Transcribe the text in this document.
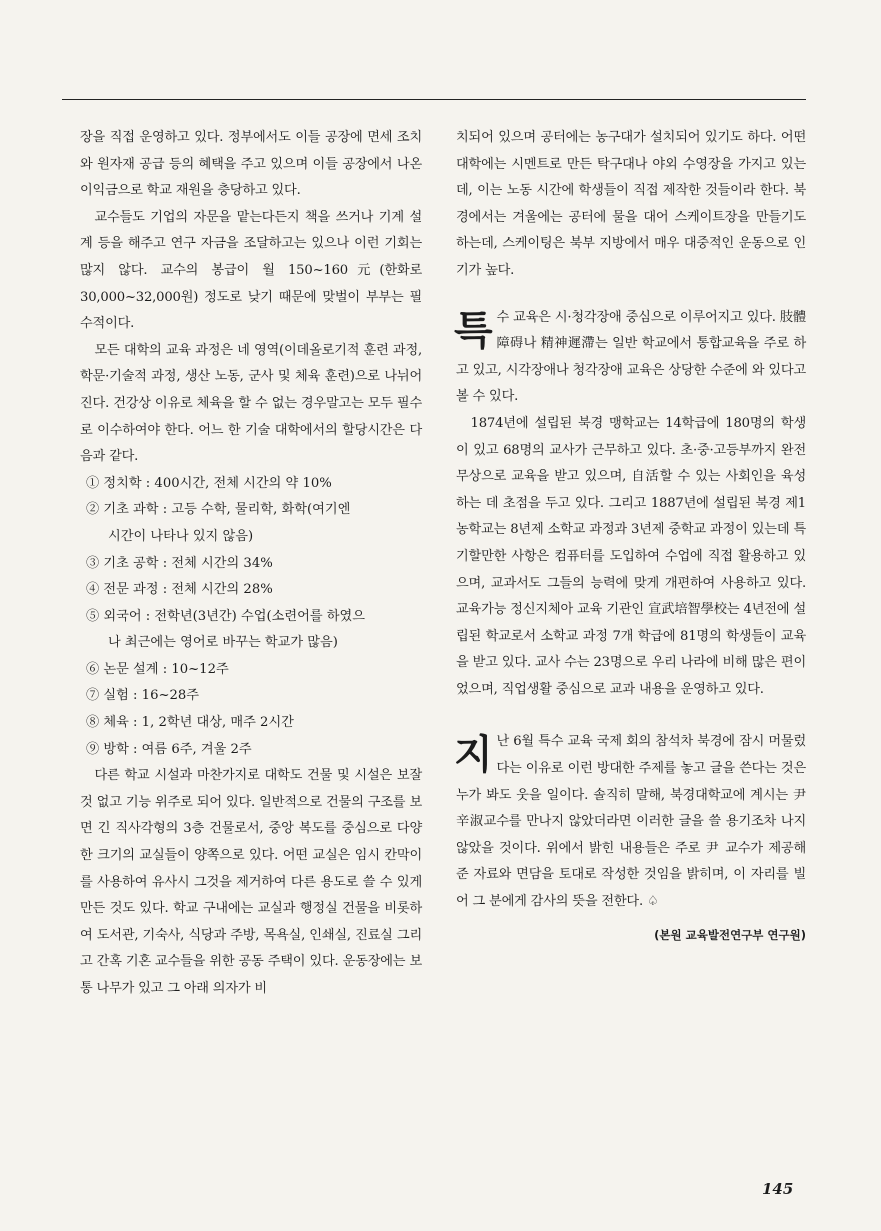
장을 직접 운영하고 있다. 정부에서도 이들 공장에 면세 조치와 원자재 공급 등의 혜택을 주고 있으며 이들 공장에서 나온 이익금으로 학교 재원을 충당하고 있다.

교수들도 기업의 자문을 맡는다든지 책을 쓰거나 기계 설계 등을 해주고 연구 자금을 조달하고는 있으나 이런 기회는 많지 않다. 교수의 봉급이 월 150~160元(한화로 30,000~32,000원) 정도로 낮기 때문에 맞벌이 부부는 필수적이다.

모든 대학의 교육 과정은 네 영역(이데올로기적 훈련 과정, 학문·기술적 과정, 생산 노동, 군사 및 체육 훈련)으로 나뉘어진다. 건강상 이유로 체육을 할 수 없는 경우말고는 모두 필수로 이수하여야 한다. 어느 한 기술 대학에서의 할당시간은 다음과 같다.

① 정치학 : 400시간, 전체 시간의 약 10%
② 기초 과학 : 고등 수학, 물리학, 화학(여기엔
시간이 나타나 있지 않음)
③ 기초 공학 : 전체 시간의 34%
④ 전문 과정 : 전체 시간의 28%
⑤ 외국어 : 전학년(3년간) 수업(소련어를 하였으
나 최근에는 영어로 바꾸는 학교가 많음)
⑥ 논문 설계 : 10~12주
⑦ 실험 : 16~28주
⑧ 체육 : 1, 2학년 대상, 매주 2시간
⑨ 방학 : 여름 6주, 겨울 2주

다른 학교 시설과 마찬가지로 대학도 건물 및 시설은 보잘것 없고 기능 위주로 되어 있다. 일반적으로 건물의 구조를 보면 긴 직사각형의 3층 건물로서, 중앙 복도를 중심으로 다양한 크기의 교실들이 양쪽으로 있다. 어떤 교실은 임시 칸막이를 사용하여 유사시 그것을 제거하여 다른 용도로 쓸 수 있게 만든 것도 있다. 학교 구내에는 교실과 행정실 건물을 비롯하여 도서관, 기숙사, 식당과 주방, 목욕실, 인쇄실, 진료실 그리고 간혹 기혼 교수들을 위한 공동 주택이 있다. 운동장에는 보통 나무가 있고 그 아래 의자가 비

치되어 있으며 공터에는 농구대가 설치되어 있기도 하다. 어떤 대학에는 시멘트로 만든 탁구대나 야외 수영장을 가지고 있는데, 이는 노동 시간에 학생들이 직접 제작한 것들이라 한다. 북경에서는 겨울에는 공터에 물을 대어 스케이트장을 만들기도 하는데, 스케이팅은 북부 지방에서 매우 대중적인 운동으로 인기가 높다.

특수 교육은 시·청각장애 중심으로 이루어지고 있다. 肢體障碍나 精神遲滯는 일반 학교에서 통합교육을 주로 하고 있고, 시각장애나 청각장애 교육은 상당한 수준에 와 있다고 볼 수 있다.

1874년에 설립된 북경 맹학교는 14학급에 180명의 학생이 있고 68명의 교사가 근무하고 있다. 초·중·고등부까지 완전 무상으로 교육을 받고 있으며, 自活할 수 있는 사회인을 육성하는 데 초점을 두고 있다. 그리고 1887년에 설립된 북경 제1농학교는 8년제 소학교 과정과 3년제 중학교 과정이 있는데 특기할만한 사항은 컴퓨터를 도입하여 수업에 직접 활용하고 있으며, 교과서도 그들의 능력에 맞게 개편하여 사용하고 있다. 교육가능 정신지체아 교육 기관인 宣武培智學校는 4년전에 설립된 학교로서 소학교 과정 7개 학급에 81명의 학생들이 교육을 받고 있다. 교사 수는 23명으로 우리 나라에 비해 많은 편이었으며, 직업생활 중심으로 교과 내용을 운영하고 있다.

지난 6월 특수 교육 국제 회의 참석차 북경에 잠시 머물렀다는 이유로 이런 방대한 주제를 놓고 글을 쓴다는 것은 누가 봐도 웃을 일이다. 솔직히 말해, 북경대학교에 계시는 尹辛淑교수를 만나지 않았더라면 이러한 글을 쓸 용기조차 나지 않았을 것이다. 위에서 밝힌 내용들은 주로 尹 교수가 제공해 준 자료와 면담을 토대로 작성한 것임을 밝히며, 이 자리를 빌어 그 분에게 감사의 뜻을 전한다. ♤

(본원 교육발전연구부 연구원)
145
